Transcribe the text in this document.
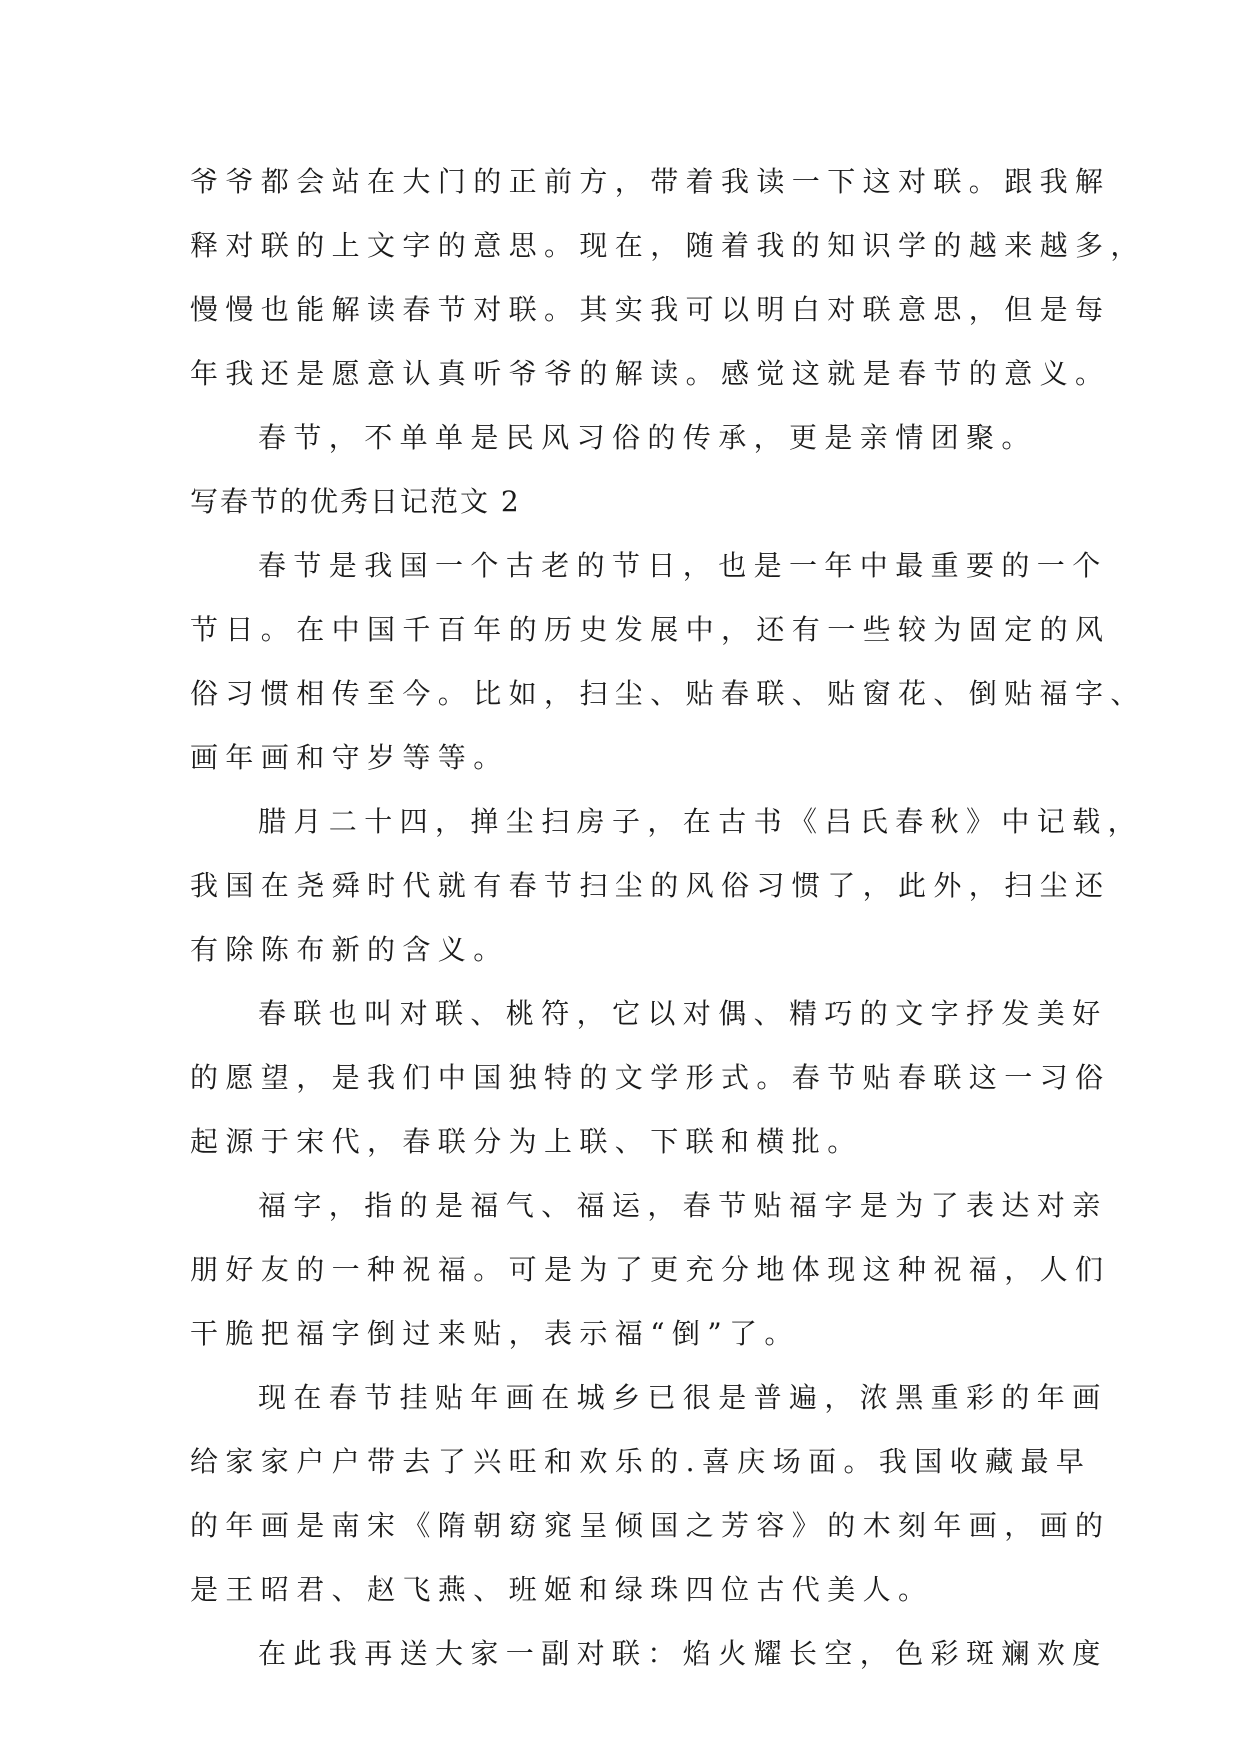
爷爷都会站在大门的正前方，带着我读一下这对联。跟我解
释对联的上文字的意思。现在，随着我的知识学的越来越多，
慢慢也能解读春节对联。其实我可以明白对联意思，但是每
年我还是愿意认真听爷爷的解读。感觉这就是春节的意义。
春节，不单单是民风习俗的传承，更是亲情团聚。
写春节的优秀日记范文 2
春节是我国一个古老的节日，也是一年中最重要的一个
节日。在中国千百年的历史发展中，还有一些较为固定的风
俗习惯相传至今。比如，扫尘、贴春联、贴窗花、倒贴福字、
画年画和守岁等等。
腊月二十四，掸尘扫房子，在古书《吕氏春秋》中记载，
我国在尧舜时代就有春节扫尘的风俗习惯了，此外，扫尘还
有除陈布新的含义。
春联也叫对联、桃符，它以对偶、精巧的文字抒发美好
的愿望，是我们中国独特的文学形式。春节贴春联这一习俗
起源于宋代，春联分为上联、下联和横批。
福字，指的是福气、福运，春节贴福字是为了表达对亲
朋好友的一种祝福。可是为了更充分地体现这种祝福，人们
干脆把福字倒过来贴，表示福“倒”了。
现在春节挂贴年画在城乡已很是普遍，浓黑重彩的年画
给家家户户带去了兴旺和欢乐的.喜庆场面。我国收藏最早
的年画是南宋《隋朝窈窕呈倾国之芳容》的木刻年画，画的
是王昭君、赵飞燕、班姬和绿珠四位古代美人。
在此我再送大家一副对联：焰火耀长空，色彩斑斓欢度
